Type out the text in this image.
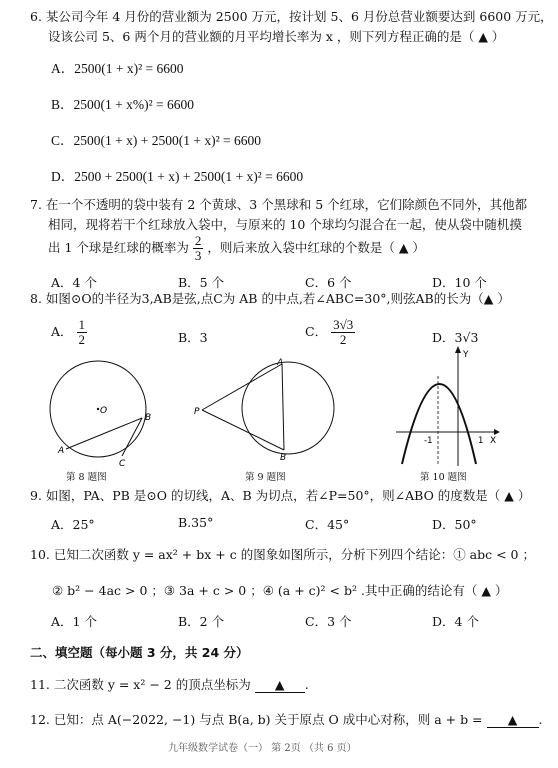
6. 某公司今年 4 月份的营业额为 2500 万元，按计划 5、6 月份总营业额要达到 6600 万元，
设该公司 5、6 两个月的营业额的月平均增长率为 x ，则下列方程正确的是（ ▲ ）
A．2500(1 + x)² = 6600
B．2500(1 + x%)² = 6600
C．2500(1 + x) + 2500(1 + x)² = 6600
D．2500 + 2500(1 + x) + 2500(1 + x)² = 6600
7. 在一个不透明的袋中装有 2 个黄球、3 个黑球和 5 个红球，它们除颜色不同外，其他都
相同，现将若干个红球放入袋中，与原来的 10 个球均匀混合在一起，使从袋中随机摸
出 1 个球是红球的概率为 $\frac{2}{3}$ ，则后来放入袋中红球的个数是（ ▲ ）
A．4 个	B．5 个	C．6 个	D．10 个
8. 如图⊙O的半径为3,AB是弦,点C为 AB 的中点,若∠ABC=30°,则弦AB的长为（▲ ）
A． $\frac{1}{2}$	B．3	C． $\frac{3√3}{2}$	D．3√3
O
A
B
C
第 8 题图
A
B
P
第 9 题图
Y
X
-1	1
第 10 题图
9. 如图，PA、PB 是⊙O 的切线，A、B 为切点，若∠P=50°，则∠ABO 的度数是（ ▲ ）
A．25°	B.35°	C．45°	D．50°
10. 已知二次函数 y = ax² + bx + c 的图象如图所示，分析下列四个结论：① abc < 0 ；
② b² − 4ac > 0 ；③ 3a + c > 0 ；④ (a + c)² < b² .其中正确的结论有（ ▲ ）
A．1 个	B．2 个	C．3 个	D．4 个
二、填空题（每小题 3 分，共 24 分）
11. 二次函数 y = x² − 2 的顶点坐标为 ▲ .
12. 已知：点 A(−2022, −1) 与点 B(a, b) 关于原点 O 成中心对称，则 a + b = ▲ .
九年级数学试卷（一） 第 2页 （共 6 页）
